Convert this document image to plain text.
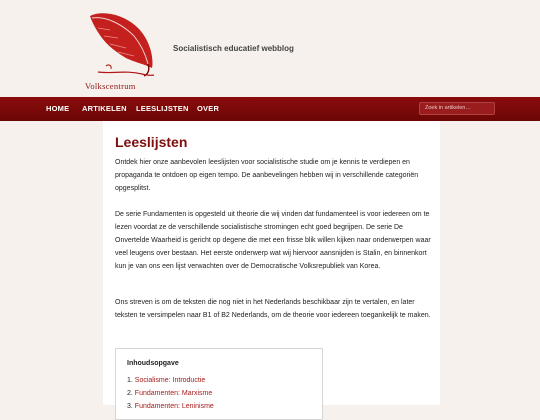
Volkscentrum
Socialistisch educatief webblog
HOME ARTIKELEN LEESLIJSTEN OVER
Zoek in artikelen…
Leeslijsten

Ontdek hier onze aanbevolen leeslijsten voor socialistische studie om je kennis te verdiepen en propaganda te ontdoen op eigen tempo. De aanbevelingen hebben wij in verschillende categoriën opgesplitst.

De serie Fundamenten is opgesteld uit theorie die wij vinden dat fundamenteel is voor iedereen om te lezen voordat ze de verschillende socialistische stromingen echt goed begrijpen. De serie De Onvertelde Waarheid is gericht op degene die met een frisse blik willen kijken naar onderwerpen waar veel leugens over bestaan. Het eerste onderwerp wat wij hiervoor aansnijden is Stalin, en binnenkort kun je van ons een lijst verwachten over de Democratische Volksrepubliek van Korea.

Ons streven is om de teksten die nog niet in het Nederlands beschikbaar zijn te vertalen, en later teksten te versimpelen naar B1 of B2 Nederlands, om de theorie voor iedereen toegankelijk te maken.

Inhoudsopgave
1. Socialisme: Introductie
2. Fundamenten: Marxisme
3. Fundamenten: Leninisme
